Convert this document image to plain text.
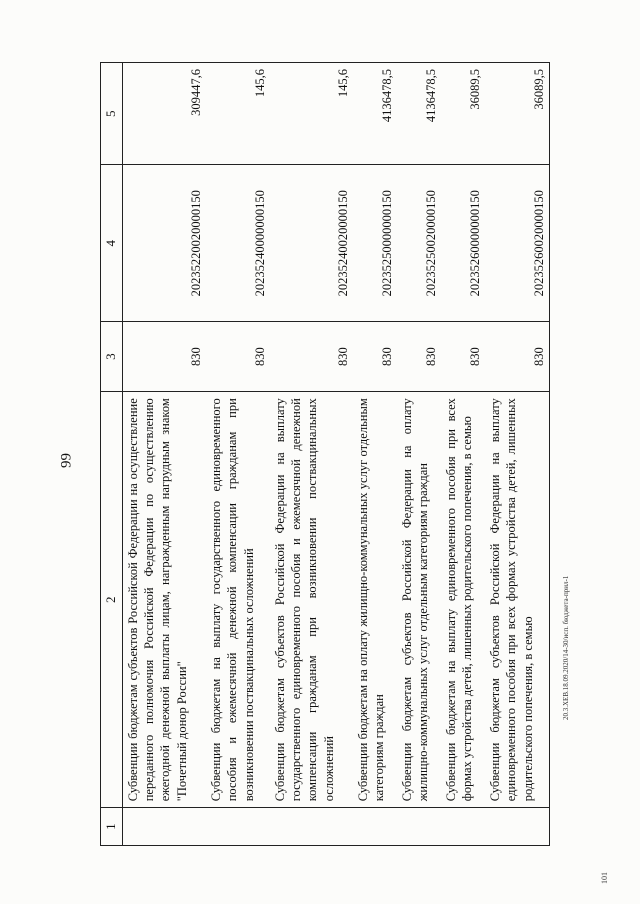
99
1	2	3	4	5
	Субвенции бюджетам субъектов Российской Федерации на осуществление переданного полномочия Российской Федерации по осуществлению ежегодной денежной выплаты лицам, награжденным нагрудным знаком "Почетный донор России"	830	20235220020000150	309447,6
	Субвенции бюджетам на выплату государственного единовременного пособия и ежемесячной денежной компенсации гражданам при возникновении поствакцинальных осложнений	830	20235240000000150	145,6
	Субвенции бюджетам субъектов Российской Федерации на выплату государственного единовременного пособия и ежемесячной денежной компенсации гражданам при возникновении поствакцинальных осложнений	830	20235240020000150	145,6
	Субвенции бюджетам на оплату жилищно-коммунальных услуг отдельным категориям граждан	830	20235250000000150	4136478,5
	Субвенции бюджетам субъектов Российской Федерации на оплату жилищно-коммунальных услуг отдельным категориям граждан	830	20235250020000150	4136478,5
	Субвенции бюджетам на выплату единовременного пособия при всех формах устройства детей, лишенных родительского попечения, в семью	830	20235260000000150	36089,5
	Субвенции бюджетам субъектов Российской Федерации на выплату единовременного пособия при всех формах устройства детей, лишенных родительского попечения, в семью	830	20235260020000150	36089,5
20.3.ХЕВ.18.09.2020/14-30/исп. бюджета-прил-1
101
